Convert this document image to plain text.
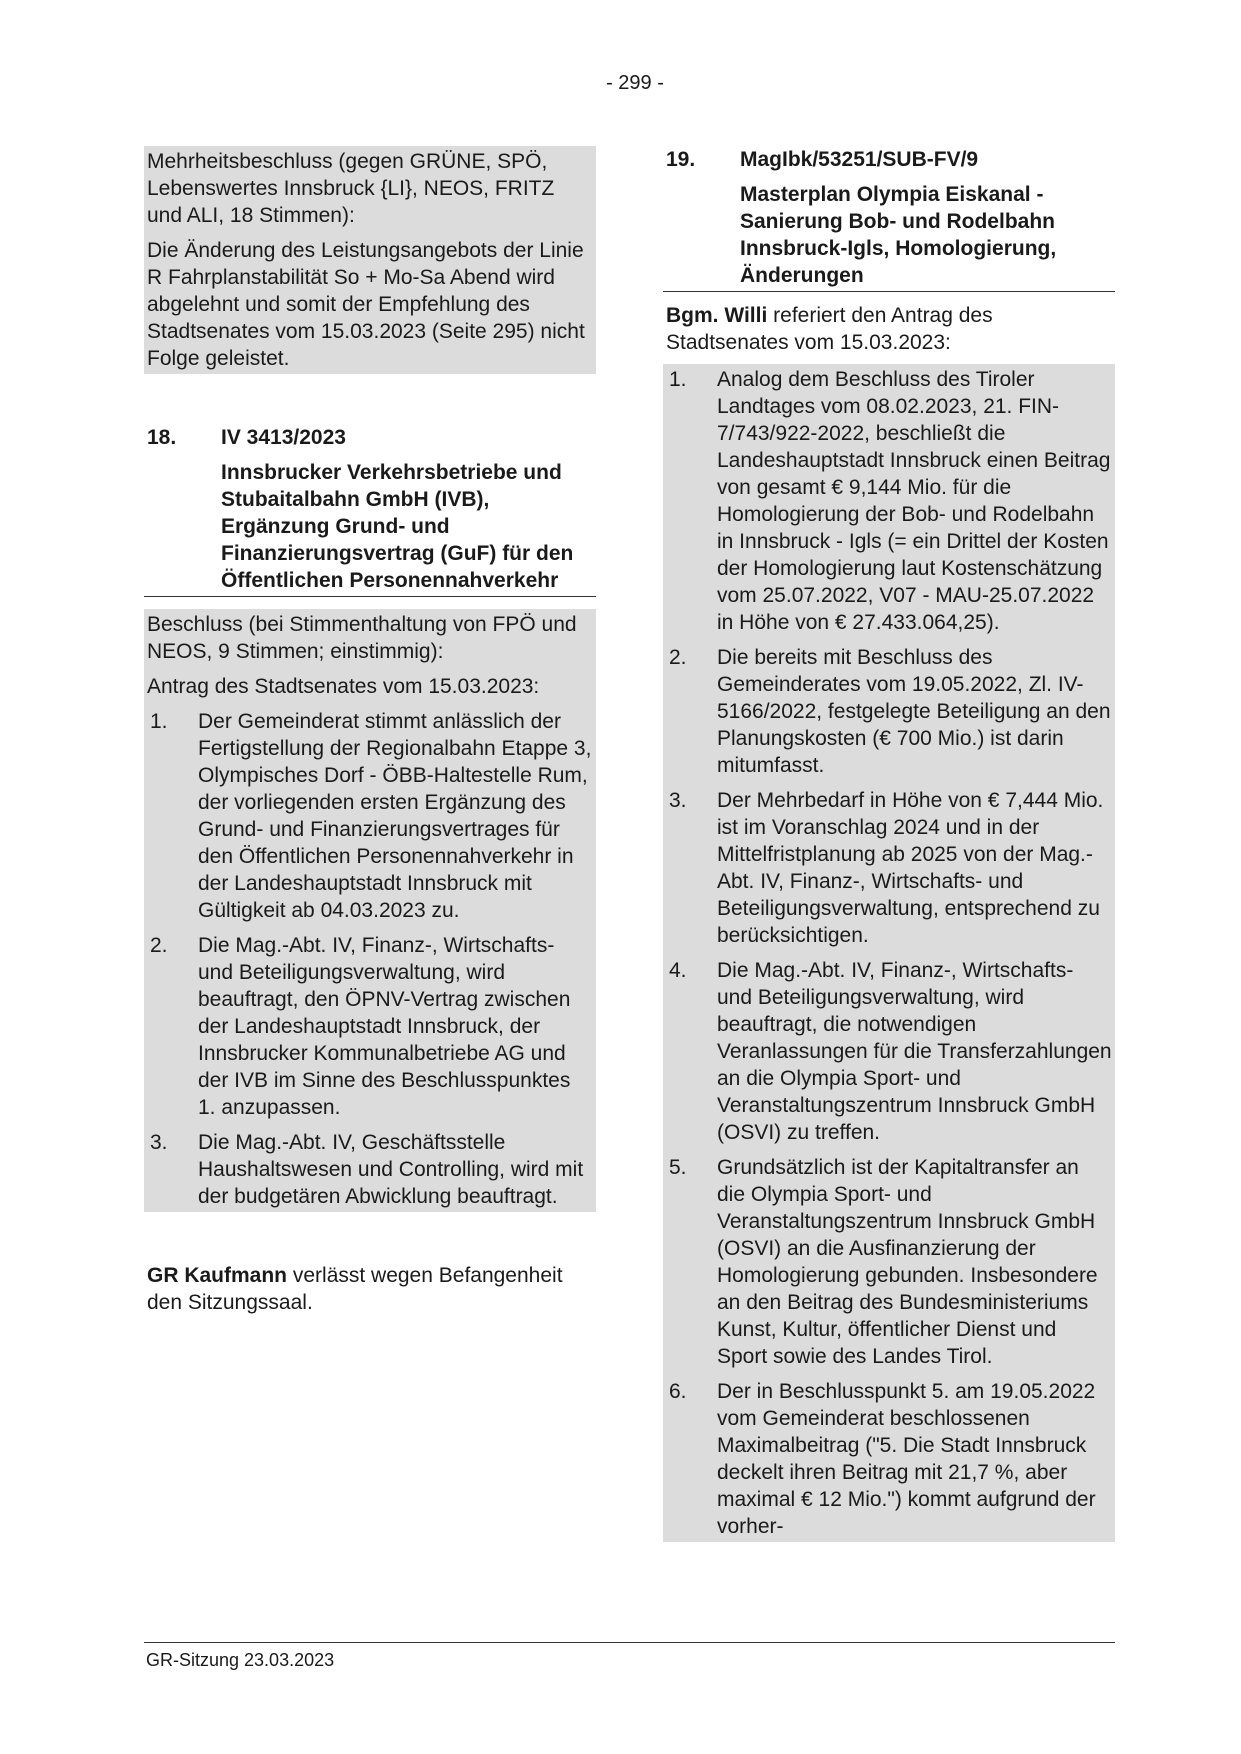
- 299 -

Mehrheitsbeschluss (gegen GRÜNE, SPÖ, Lebenswertes Innsbruck {LI}, NEOS, FRITZ und ALI, 18 Stimmen):

Die Änderung des Leistungsangebots der Linie R Fahrplanstabilität So + Mo-Sa Abend wird abgelehnt und somit der Empfehlung des Stadtsenates vom 15.03.2023 (Seite 295) nicht Folge geleistet.

18.	IV 3413/2023
Innsbrucker Verkehrsbetriebe und Stubaitalbahn GmbH (IVB), Ergänzung Grund- und Finanzierungsvertrag (GuF) für den Öffentlichen Personennahverkehr

Beschluss (bei Stimmenthaltung von FPÖ und NEOS, 9 Stimmen; einstimmig):

Antrag des Stadtsenates vom 15.03.2023:

1.	Der Gemeinderat stimmt anlässlich der Fertigstellung der Regionalbahn Etappe 3, Olympisches Dorf - ÖBB-Haltestelle Rum, der vorliegenden ersten Ergänzung des Grund- und Finanzierungsvertrages für den Öffentlichen Personennahverkehr in der Landeshauptstadt Innsbruck mit Gültigkeit ab 04.03.2023 zu.
2.	Die Mag.-Abt. IV, Finanz-, Wirtschafts- und Beteiligungsverwaltung, wird beauftragt, den ÖPNV-Vertrag zwischen der Landeshauptstadt Innsbruck, der Innsbrucker Kommunalbetriebe AG und der IVB im Sinne des Beschlusspunktes 1. anzupassen.
3.	Die Mag.-Abt. IV, Geschäftsstelle Haushaltswesen und Controlling, wird mit der budgetären Abwicklung beauftragt.

GR Kaufmann verlässt wegen Befangenheit den Sitzungssaal.

19.	MagIbk/53251/SUB-FV/9
Masterplan Olympia Eiskanal - Sanierung Bob- und Rodelbahn Innsbruck-Igls, Homologierung, Änderungen

Bgm. Willi referiert den Antrag des Stadtsenates vom 15.03.2023:

1.	Analog dem Beschluss des Tiroler Landtages vom 08.02.2023, 21. FIN-7/743/922-2022, beschließt die Landeshauptstadt Innsbruck einen Beitrag von gesamt € 9,144 Mio. für die Homologierung der Bob- und Rodelbahn in Innsbruck - Igls (= ein Drittel der Kosten der Homologierung laut Kostenschätzung vom 25.07.2022, V07 - MAU-25.07.2022 in Höhe von € 27.433.064,25).
2.	Die bereits mit Beschluss des Gemeinderates vom 19.05.2022, Zl. IV-5166/2022, festgelegte Beteiligung an den Planungskosten (€ 700 Mio.) ist darin mitumfasst.
3.	Der Mehrbedarf in Höhe von € 7,444 Mio. ist im Voranschlag 2024 und in der Mittelfristplanung ab 2025 von der Mag.-Abt. IV, Finanz-, Wirtschafts- und Beteiligungsverwaltung, entsprechend zu berücksichtigen.
4.	Die Mag.-Abt. IV, Finanz-, Wirtschafts- und Beteiligungsverwaltung, wird beauftragt, die notwendigen Veranlassungen für die Transferzahlungen an die Olympia Sport- und Veranstaltungszentrum Innsbruck GmbH (OSVI) zu treffen.
5.	Grundsätzlich ist der Kapitaltransfer an die Olympia Sport- und Veranstaltungszentrum Innsbruck GmbH (OSVI) an die Ausfinanzierung der Homologierung gebunden. Insbesondere an den Beitrag des Bundesministeriums Kunst, Kultur, öffentlicher Dienst und Sport sowie des Landes Tirol.
6.	Der in Beschlusspunkt 5. am 19.05.2022 vom Gemeinderat beschlossenen Maximalbeitrag ("5. Die Stadt Innsbruck deckelt ihren Beitrag mit 21,7 %, aber maximal € 12 Mio.") kommt aufgrund der vorher-
GR-Sitzung 23.03.2023
